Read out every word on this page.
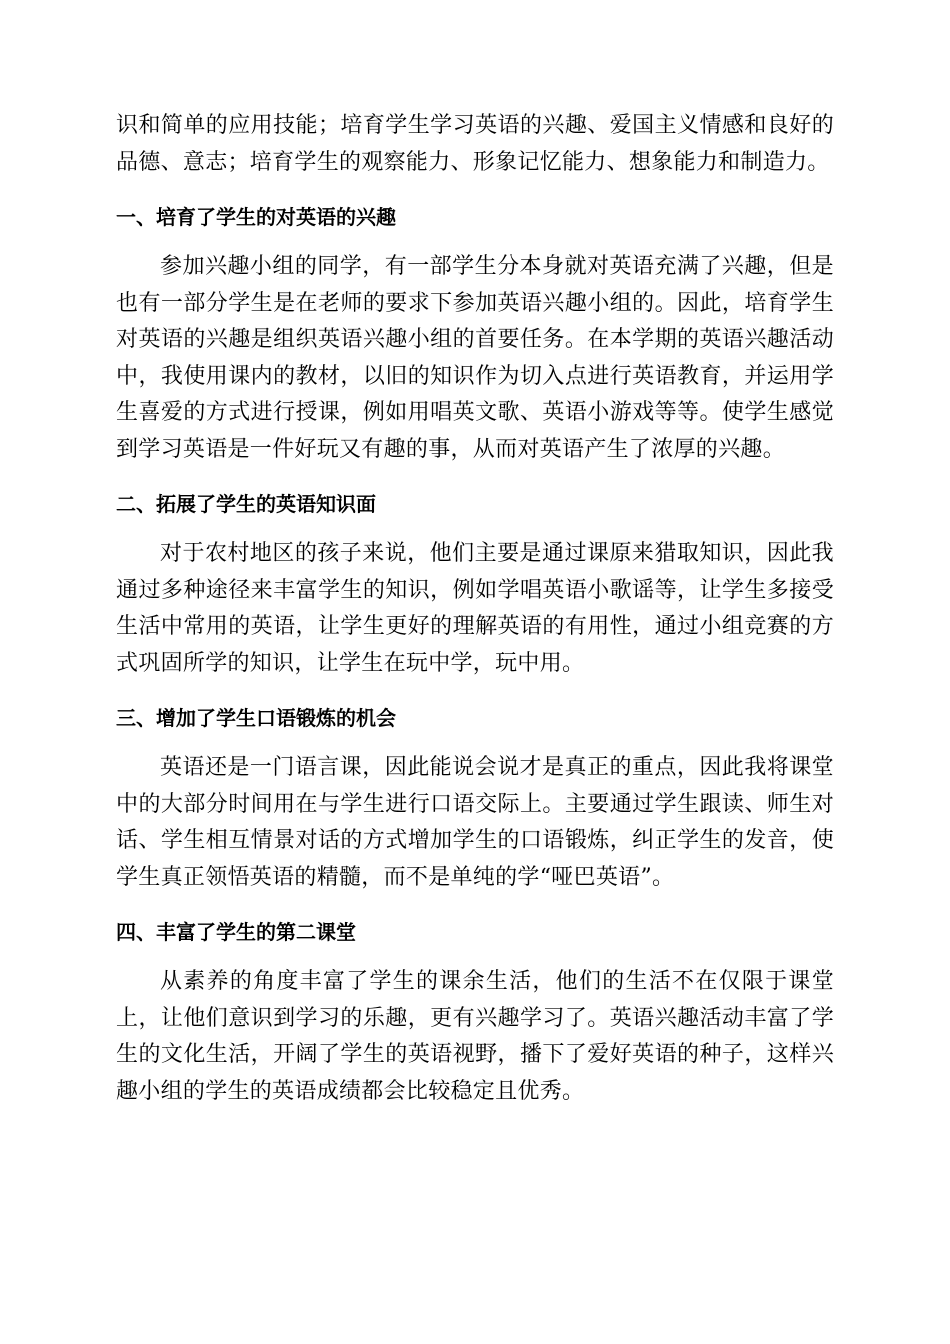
识和简单的应用技能；培育学生学习英语的兴趣、爱国主义情感和良好的品德、意志；培育学生的观察能力、形象记忆能力、想象能力和制造力。

一、培育了学生的对英语的兴趣

参加兴趣小组的同学，有一部学生分本身就对英语充满了兴趣，但是也有一部分学生是在老师的要求下参加英语兴趣小组的。因此，培育学生对英语的兴趣是组织英语兴趣小组的首要任务。在本学期的英语兴趣活动中，我使用课内的教材，以旧的知识作为切入点进行英语教育，并运用学生喜爱的方式进行授课，例如用唱英文歌、英语小游戏等等。使学生感觉到学习英语是一件好玩又有趣的事，从而对英语产生了浓厚的兴趣。

二、拓展了学生的英语知识面

对于农村地区的孩子来说，他们主要是通过课原来猎取知识，因此我通过多种途径来丰富学生的知识，例如学唱英语小歌谣等，让学生多接受生活中常用的英语，让学生更好的理解英语的有用性，通过小组竞赛的方式巩固所学的知识，让学生在玩中学，玩中用。

三、增加了学生口语锻炼的机会

英语还是一门语言课，因此能说会说才是真正的重点，因此我将课堂中的大部分时间用在与学生进行口语交际上。主要通过学生跟读、师生对话、学生相互情景对话的方式增加学生的口语锻炼，纠正学生的发音，使学生真正领悟英语的精髓，而不是单纯的学“哑巴英语”。

四、丰富了学生的第二课堂

从素养的角度丰富了学生的课余生活，他们的生活不在仅限于课堂上，让他们意识到学习的乐趣，更有兴趣学习了。英语兴趣活动丰富了学生的文化生活，开阔了学生的英语视野，播下了爱好英语的种子，这样兴趣小组的学生的英语成绩都会比较稳定且优秀。
